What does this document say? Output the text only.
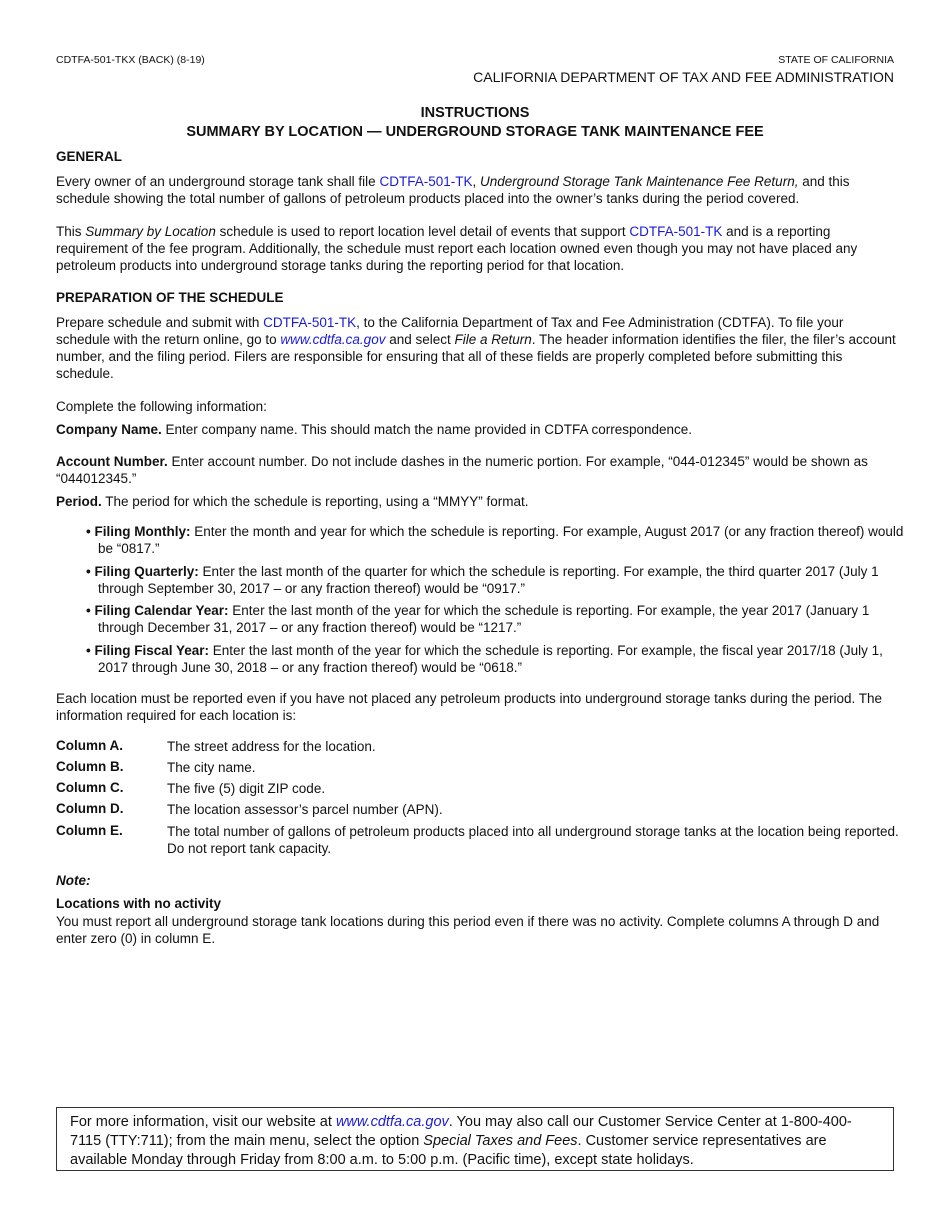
CDTFA-501-TKX (BACK) (8-19)	STATE OF CALIFORNIA
CALIFORNIA DEPARTMENT OF TAX AND FEE ADMINISTRATION
INSTRUCTIONS
SUMMARY BY LOCATION — UNDERGROUND STORAGE TANK MAINTENANCE FEE
GENERAL
Every owner of an underground storage tank shall file CDTFA-501-TK, Underground Storage Tank Maintenance Fee Return, and this schedule showing the total number of gallons of petroleum products placed into the owner’s tanks during the period covered.
This Summary by Location schedule is used to report location level detail of events that support CDTFA-501-TK and is a reporting requirement of the fee program. Additionally, the schedule must report each location owned even though you may not have placed any petroleum products into underground storage tanks during the reporting period for that location.
PREPARATION OF THE SCHEDULE
Prepare schedule and submit with CDTFA-501-TK, to the California Department of Tax and Fee Administration (CDTFA). To file your schedule with the return online, go to www.cdtfa.ca.gov and select File a Return. The header information identifies the filer, the filer’s account number, and the filing period. Filers are responsible for ensuring that all of these fields are properly completed before submitting this schedule.
Complete the following information:
Company Name. Enter company name. This should match the name provided in CDTFA correspondence.
Account Number. Enter account number. Do not include dashes in the numeric portion. For example, “044-012345” would be shown as “044012345.”
Period. The period for which the schedule is reporting, using a “MMYY” format.
• Filing Monthly: Enter the month and year for which the schedule is reporting. For example, August 2017 (or any fraction thereof) would be “0817.”
• Filing Quarterly: Enter the last month of the quarter for which the schedule is reporting. For example, the third quarter 2017 (July 1 through September 30, 2017 – or any fraction thereof) would be “0917.”
• Filing Calendar Year: Enter the last month of the year for which the schedule is reporting. For example, the year 2017 (January 1 through December 31, 2017 – or any fraction thereof) would be “1217.”
• Filing Fiscal Year: Enter the last month of the year for which the schedule is reporting. For example, the fiscal year 2017/18 (July 1, 2017 through June 30, 2018 – or any fraction thereof) would be “0618.”
Each location must be reported even if you have not placed any petroleum products into underground storage tanks during the period. The information required for each location is:
Column A.	The street address for the location.
Column B.	The city name.
Column C.	The five (5) digit ZIP code.
Column D.	The location assessor’s parcel number (APN).
Column E.	The total number of gallons of petroleum products placed into all underground storage tanks at the location being reported. Do not report tank capacity.
Note:
Locations with no activity
You must report all underground storage tank locations during this period even if there was no activity. Complete columns A through D and enter zero (0) in column E.
For more information, visit our website at www.cdtfa.ca.gov. You may also call our Customer Service Center at 1-800-400-7115 (TTY:711); from the main menu, select the option Special Taxes and Fees. Customer service representatives are available Monday through Friday from 8:00 a.m. to 5:00 p.m. (Pacific time), except state holidays.
